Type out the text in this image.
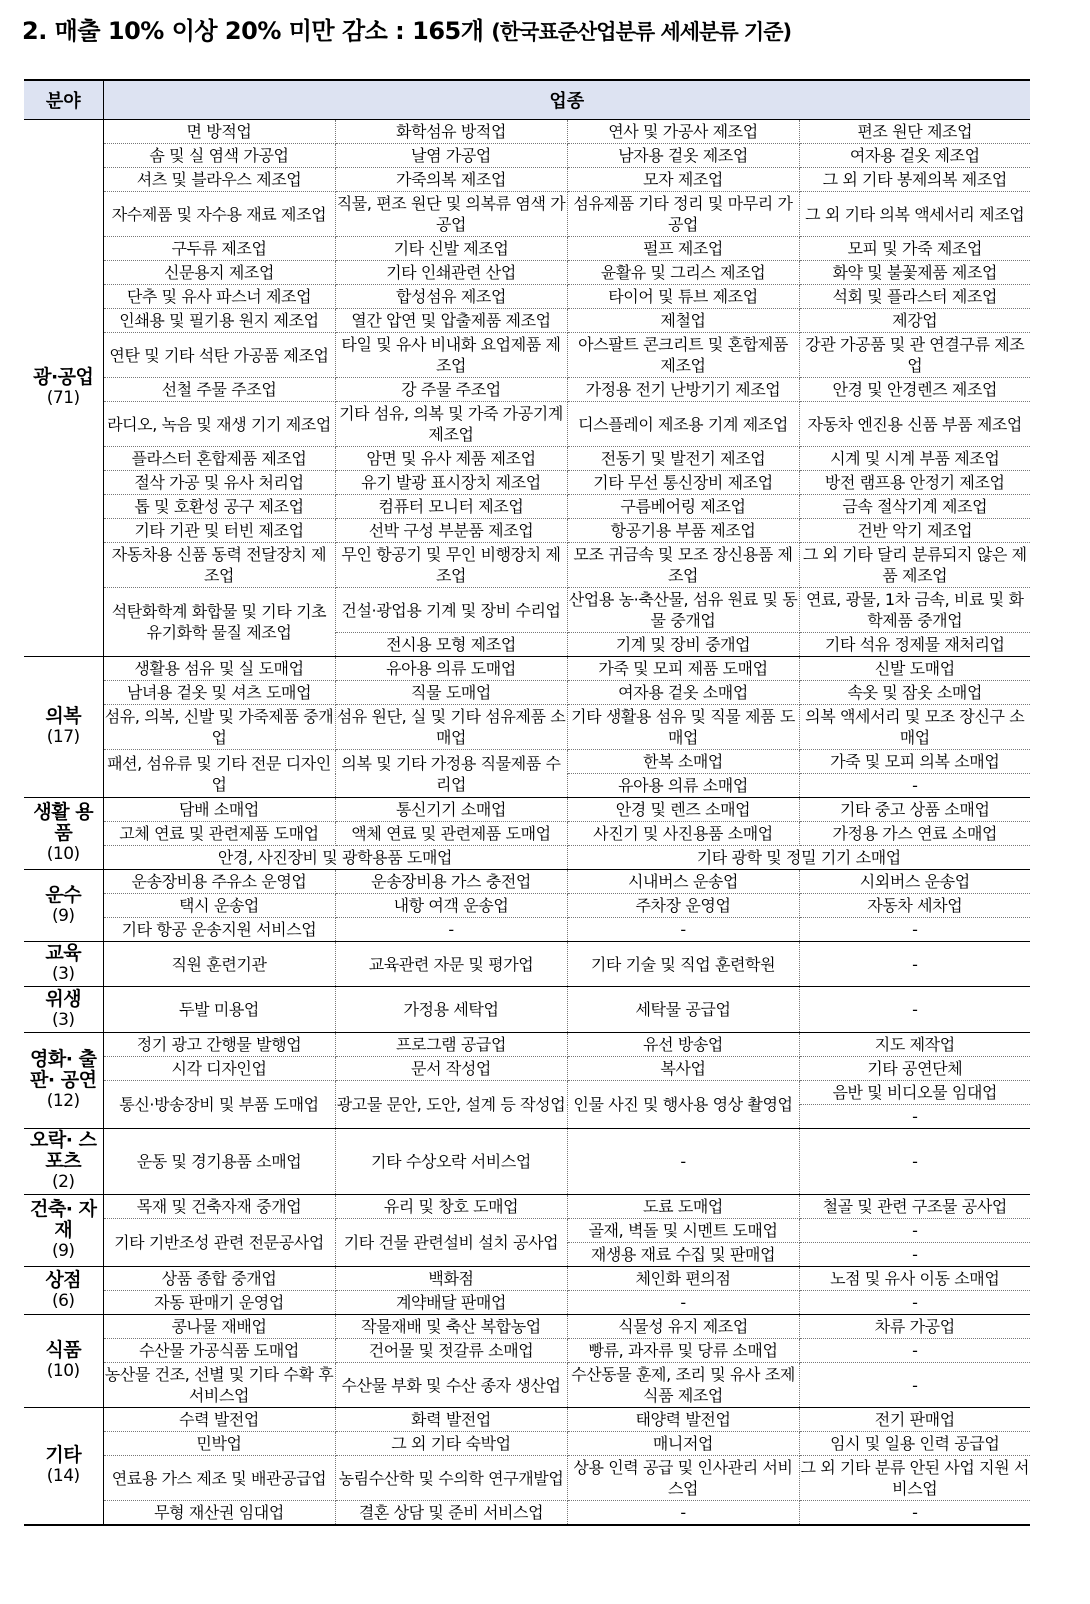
2. 매출 10% 이상 20% 미만 감소 : 165개 (한국표준산업분류 세세분류 기준)
분야	업종			

광·공업
(71)	면 방적업	화학섬유 방적업	연사 및 가공사 제조업	편조 원단 제조업
	솜 및 실 염색 가공업	날염 가공업	남자용 겉옷 제조업	여자용 겉옷 제조업
	셔츠 및 블라우스 제조업	가죽의복 제조업	모자 제조업	그 외 기타 봉제의복 제조업
	자수제품 및 자수용 재료 제조업	직물, 편조 원단 및 의복류 염색 가공업	섬유제품 기타 정리 및 마무리 가공업	그 외 기타 의복 액세서리 제조업
	구두류 제조업	기타 신발 제조업	펄프 제조업	모피 및 가죽 제조업
	신문용지 제조업	기타 인쇄관련 산업	윤활유 및 그리스 제조업	화약 및 불꽃제품 제조업
	단추 및 유사 파스너 제조업	합성섬유 제조업	타이어 및 튜브 제조업	석회 및 플라스터 제조업
	인쇄용 및 필기용 원지 제조업	열간 압연 및 압출제품 제조업	제철업	제강업
	연탄 및 기타 석탄 가공품 제조업	타일 및 유사 비내화 요업제품 제조업	아스팔트 콘크리트 및 혼합제품 제조업	강관 가공품 및 관 연결구류 제조업
	선철 주물 주조업	강 주물 주조업	가정용 전기 난방기기 제조업	안경 및 안경렌즈 제조업
	라디오, 녹음 및 재생 기기 제조업	기타 섬유, 의복 및 가죽 가공기계 제조업	디스플레이 제조용 기계 제조업	자동차 엔진용 신품 부품 제조업
	플라스터 혼합제품 제조업	암면 및 유사 제품 제조업	전동기 및 발전기 제조업	시계 및 시계 부품 제조업
	절삭 가공 및 유사 처리업	유기 발광 표시장치 제조업	기타 무선 통신장비 제조업	방전 램프용 안정기 제조업
	톱 및 호환성 공구 제조업	컴퓨터 모니터 제조업	구름베어링 제조업	금속 절삭기계 제조업
	기타 기관 및 터빈 제조업	선박 구성 부분품 제조업	항공기용 부품 제조업	건반 악기 제조업
	자동차용 신품 동력 전달장치 제조업	무인 항공기 및 무인 비행장치 제조업	모조 귀금속 및 모조 장신용품 제조업	그 외 기타 달리 분류되지 않은 제품 제조업
	석탄화학계 화합물 및 기타 기초 유기화학 물질 제조업	건설·광업용 기계 및 장비 수리업	산업용 농·축산물, 섬유 원료 및 동물 중개업	연료, 광물, 1차 금속, 비료 및 화학제품 중개업
		전시용 모형 제조업	기계 및 장비 중개업	기타 석유 정제물 재처리업

의복
(17)	생활용 섬유 및 실 도매업	유아용 의류 도매업	가죽 및 모피 제품 도매업	신발 도매업
	남녀용 겉옷 및 셔츠 도매업	직물 도매업	여자용 겉옷 소매업	속옷 및 잠옷 소매업
	섬유, 의복, 신발 및 가죽제품 중개업	섬유 원단, 실 및 기타 섬유제품 소매업	기타 생활용 섬유 및 직물 제품 도매업	의복 액세서리 및 모조 장신구 소매업
	패션, 섬유류 및 기타 전문 디자인업	의복 및 기타 가정용 직물제품 수리업	한복 소매업	가죽 및 모피 의복 소매업
			유아용 의류 소매업	-

생활 용품
(10)	담배 소매업	통신기기 소매업	안경 및 렌즈 소매업	기타 중고 상품 소매업
	고체 연료 및 관련제품 도매업	액체 연료 및 관련제품 도매업	사진기 및 사진용품 소매업	가정용 가스 연료 소매업
	안경, 사진장비 및 광학용품 도매업		기타 광학 및 정밀 기기 소매업	

운수
(9)	운송장비용 주유소 운영업	운송장비용 가스 충전업	시내버스 운송업	시외버스 운송업
	택시 운송업	내항 여객 운송업	주차장 운영업	자동차 세차업
	기타 항공 운송지원 서비스업	-	-	-

교육
(3)	직원 훈련기관	교육관련 자문 및 평가업	기타 기술 및 직업 훈련학원	-

위생
(3)	두발 미용업	가정용 세탁업	세탁물 공급업	-

영화· 출판· 공연
(12)	정기 광고 간행물 발행업	프로그램 공급업	유선 방송업	지도 제작업
	시각 디자인업	문서 작성업	복사업	기타 공연단체
	통신·방송장비 및 부품 도매업	광고물 문안, 도안, 설계 등 작성업	인물 사진 및 행사용 영상 촬영업	음반 및 비디오물 임대업
				-

오락· 스포츠
(2)	운동 및 경기용품 소매업	기타 수상오락 서비스업	-	-

건축· 자재
(9)	목재 및 건축자재 중개업	유리 및 창호 도매업	도료 도매업	철골 및 관련 구조물 공사업
	기타 기반조성 관련 전문공사업	기타 건물 관련설비 설치 공사업	골재, 벽돌 및 시멘트 도매업	-
			재생용 재료 수집 및 판매업	-

상점
(6)	상품 종합 중개업	백화점	체인화 편의점	노점 및 유사 이동 소매업
	자동 판매기 운영업	계약배달 판매업	-	-

식품
(10)	콩나물 재배업	작물재배 및 축산 복합농업	식물성 유지 제조업	차류 가공업
	수산물 가공식품 도매업	건어물 및 젓갈류 소매업	빵류, 과자류 및 당류 소매업	-
	농산물 건조, 선별 및 기타 수확 후 서비스업	수산물 부화 및 수산 종자 생산업	수산동물 훈제, 조리 및 유사 조제식품 제조업	-

기타
(14)	수력 발전업	화력 발전업	태양력 발전업	전기 판매업
	민박업	그 외 기타 숙박업	매니저업	임시 및 일용 인력 공급업
	연료용 가스 제조 및 배관공급업	농림수산학 및 수의학 연구개발업	상용 인력 공급 및 인사관리 서비스업	그 외 기타 분류 안된 사업 지원 서비스업
	무형 재산권 임대업	결혼 상담 및 준비 서비스업	-	-
